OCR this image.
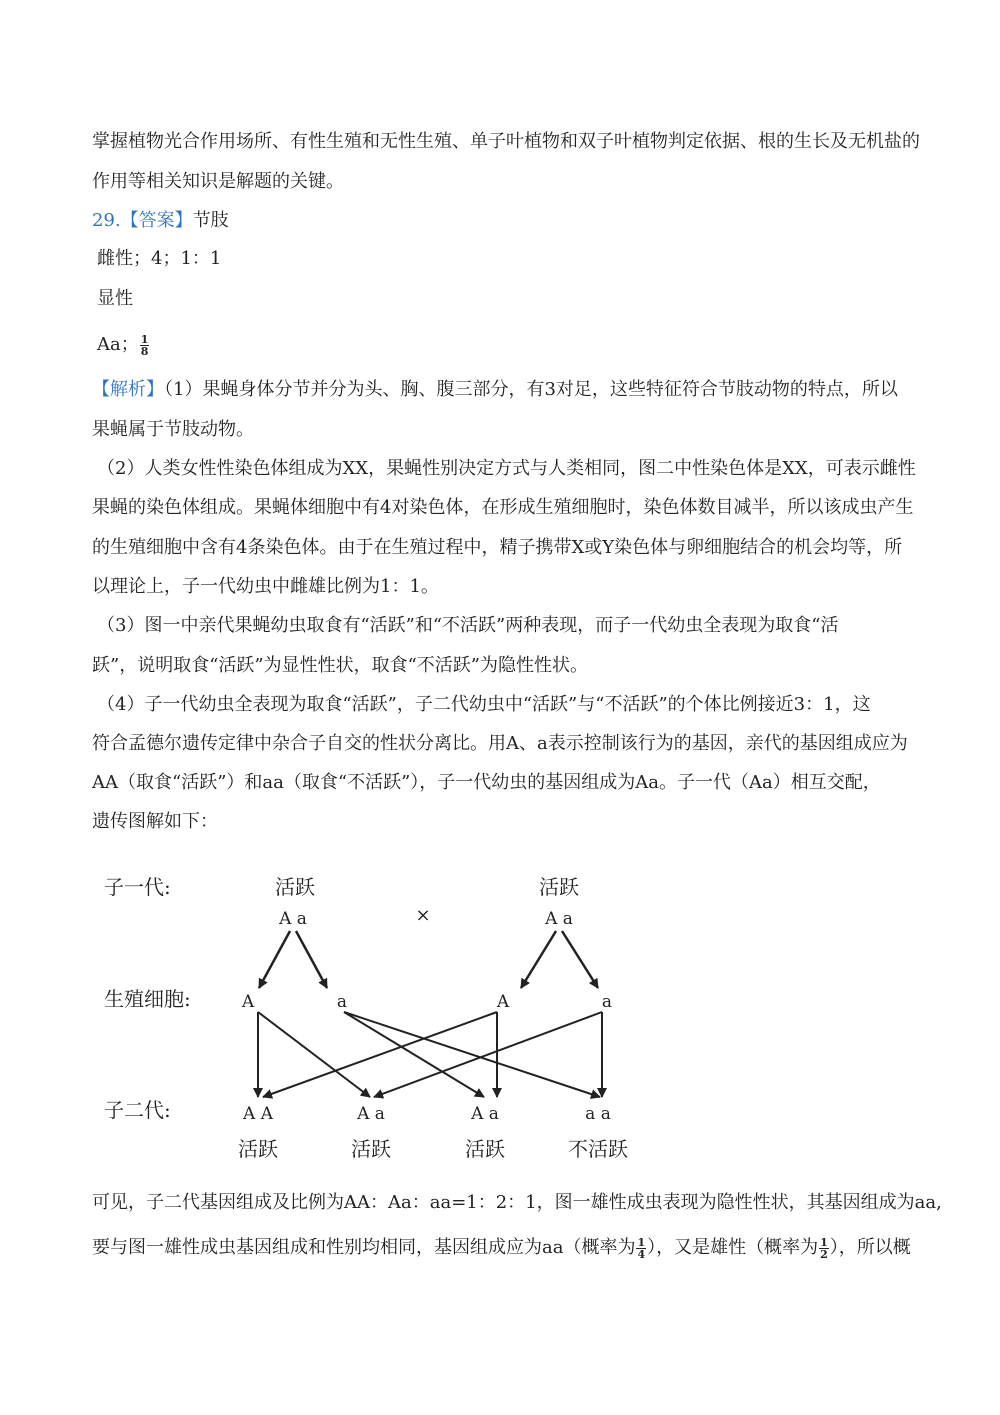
掌握植物光合作用场所、有性生殖和无性生殖、单子叶植物和双子叶植物判定依据、根的生长及无机盐的
作用等相关知识是解题的关键。
29.【答案】节肢
雌性；4；1：1
显性
Aa； $\frac{1}{8}$
【解析】（1）果蝇身体分节并分为头、胸、腹三部分，有3对足，这些特征符合节肢动物的特点，所以
果蝇属于节肢动物。
（2）人类女性性染色体组成为XX，果蝇性别决定方式与人类相同，图二中性染色体是XX，可表示雌性
果蝇的染色体组成。果蝇体细胞中有4对染色体，在形成生殖细胞时，染色体数目减半，所以该成虫产生
的生殖细胞中含有4条染色体。由于在生殖过程中，精子携带X或Y染色体与卵细胞结合的机会均等，所
以理论上，子一代幼虫中雌雄比例为1：1。
（3）图一中亲代果蝇幼虫取食有“活跃”和“不活跃”两种表现，而子一代幼虫全表现为取食“活
跃”，说明取食“活跃”为显性性状，取食“不活跃”为隐性性状。
（4）子一代幼虫全表现为取食“活跃”，子二代幼虫中“活跃”与“不活跃”的个体比例接近3：1，这
符合孟德尔遗传定律中杂合子自交的性状分离比。用A、a表示控制该行为的基因，亲代的基因组成应为
AA（取食“活跃”）和aa（取食“不活跃”），子一代幼虫的基因组成为Aa。子一代（Aa）相互交配，
遗传图解如下：
子一代:
生殖细胞:
子二代:
活跃
A a	×
活跃
A a
A	a	A	a
A A	A a	A a	a a
活跃	活跃	活跃	不活跃
可见，子二代基因组成及比例为AA：Aa：aa=1：2：1，图一雄性成虫表现为隐性性状，其基因组成为aa,
要与图一雄性成虫基因组成和性别均相同，基因组成应为aa（概率为 $\frac{1}{4}$ ），又是雄性（概率为 $\frac{1}{2}$ ），所以概
